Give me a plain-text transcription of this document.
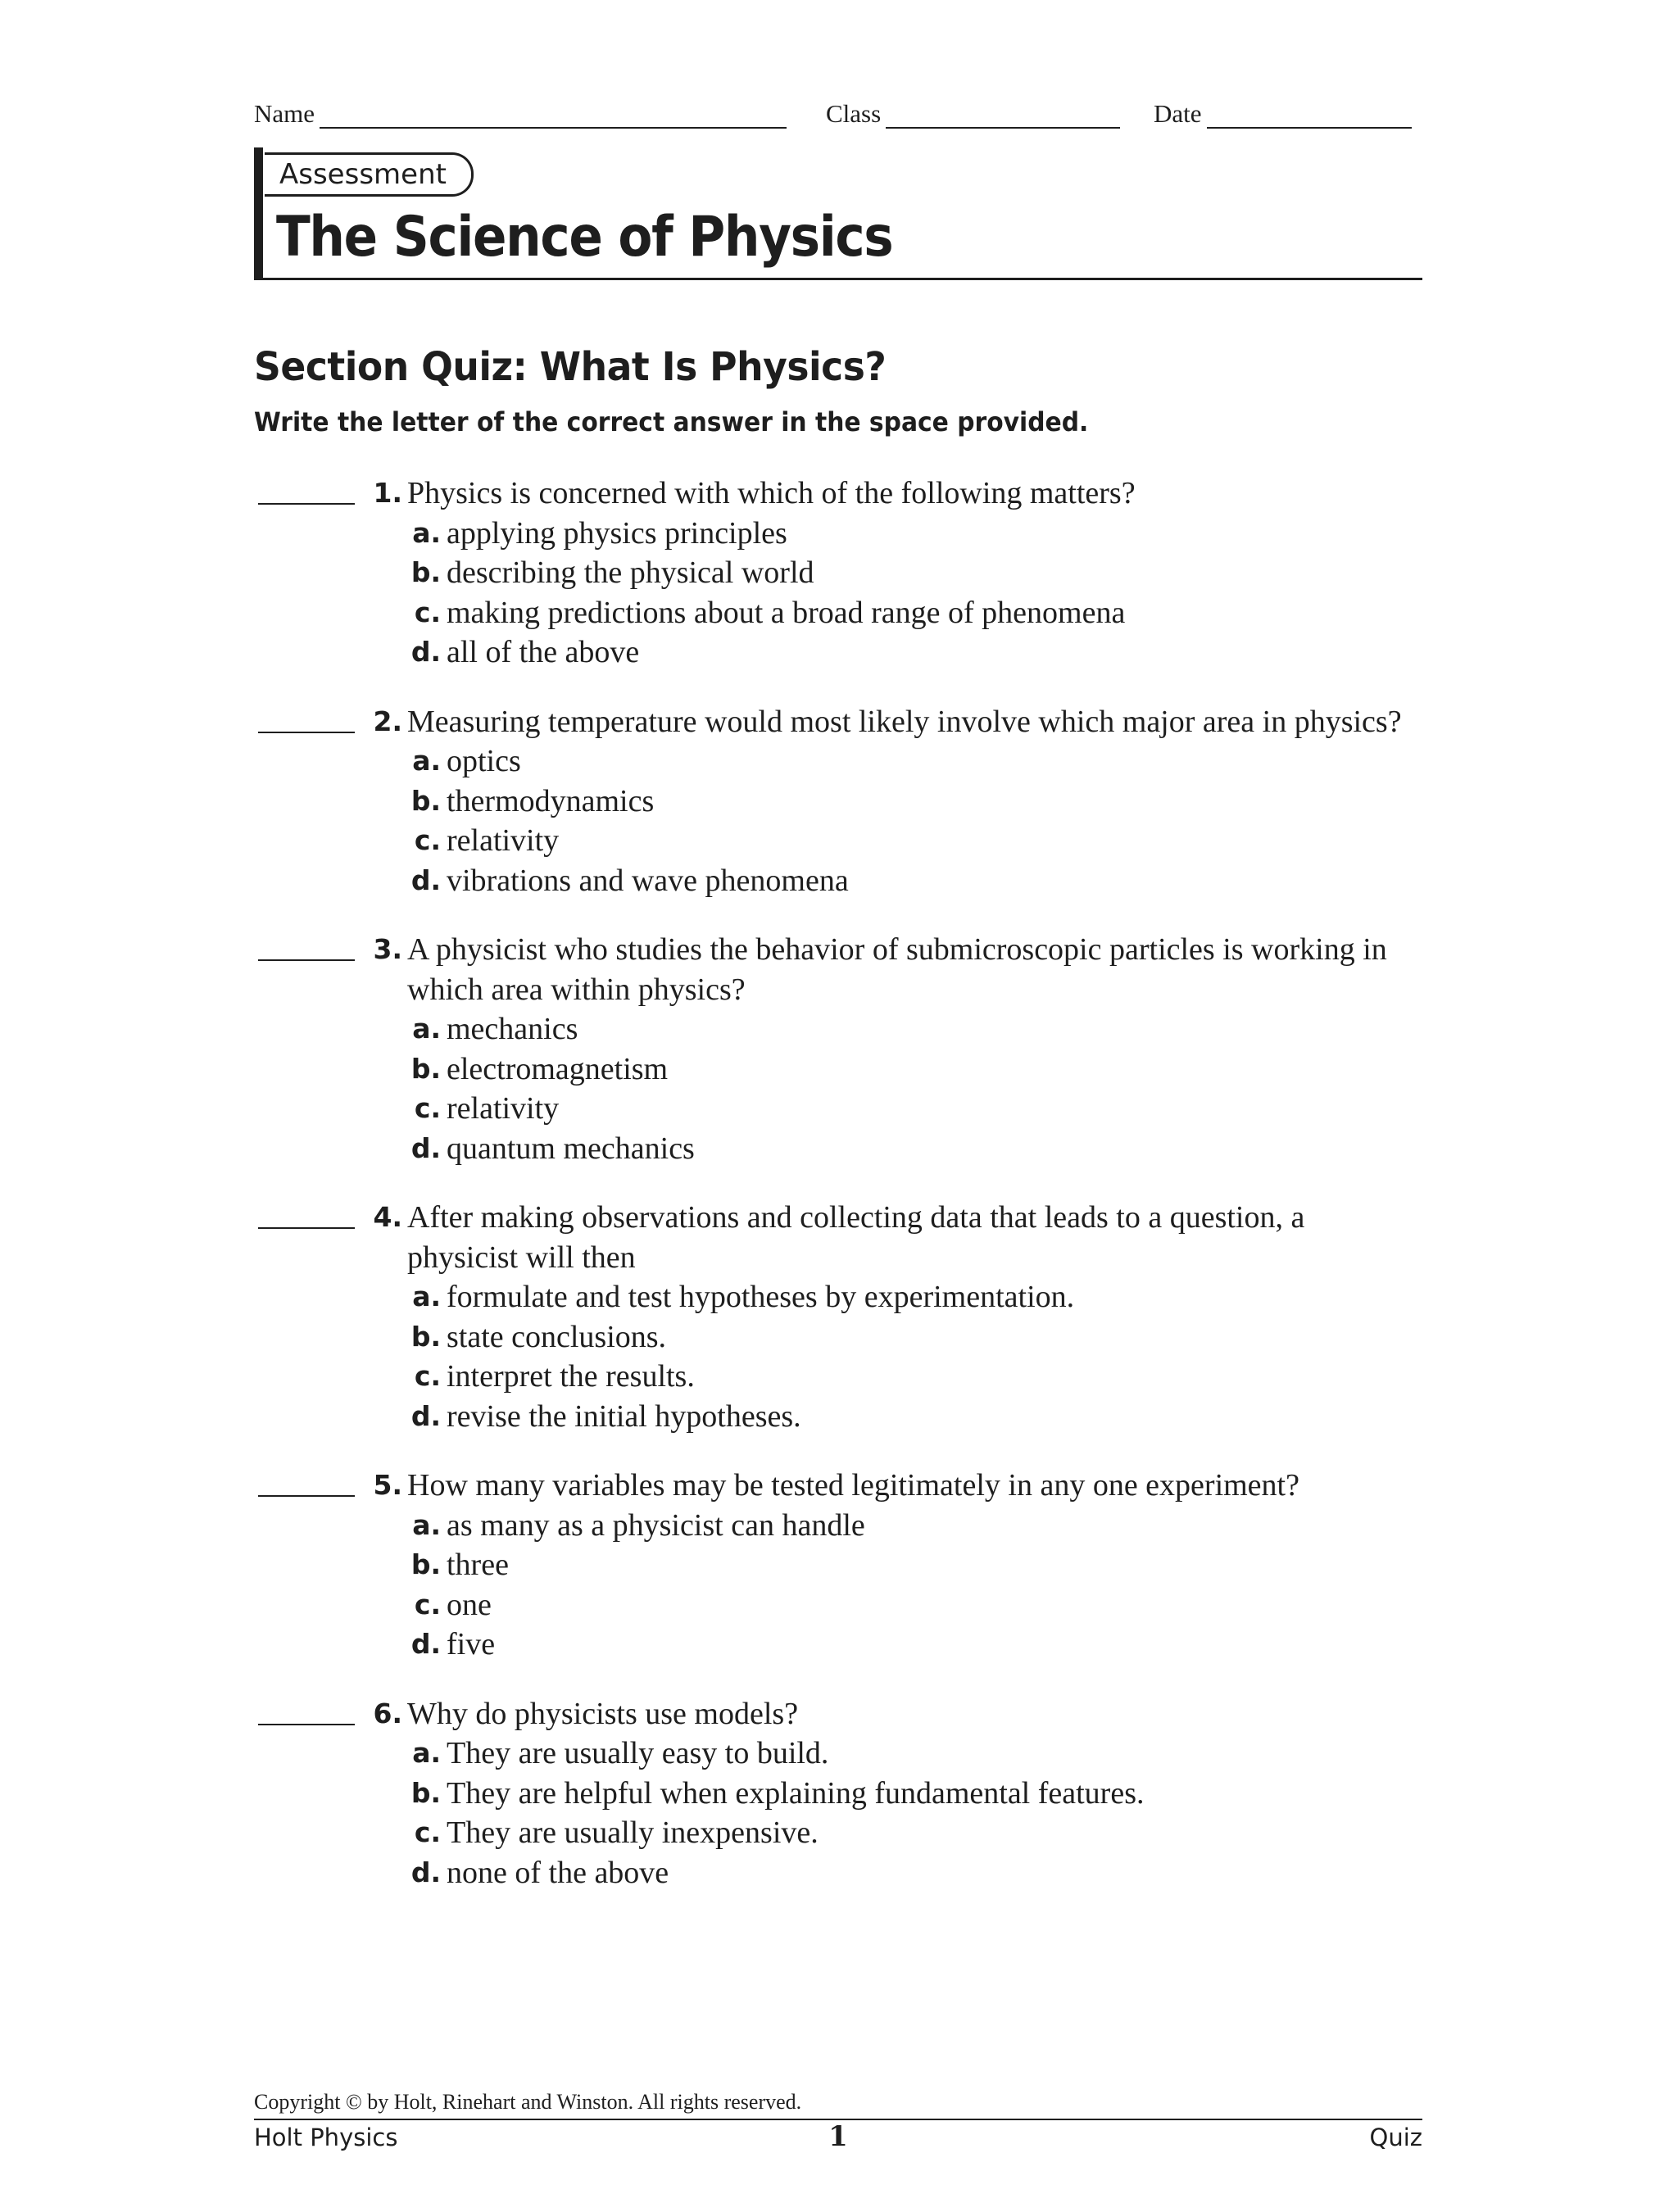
Name	Class	Date
Assessment
The Science of Physics
Section Quiz: What Is Physics?
Write the letter of the correct answer in the space provided.
1. Physics is concerned with which of the following matters?
a. applying physics principles
b. describing the physical world
c. making predictions about a broad range of phenomena
d. all of the above
2. Measuring temperature would most likely involve which major area in physics?
a. optics
b. thermodynamics
c. relativity
d. vibrations and wave phenomena
3. A physicist who studies the behavior of submicroscopic particles is working in which area within physics?
a. mechanics
b. electromagnetism
c. relativity
d. quantum mechanics
4. After making observations and collecting data that leads to a question, a physicist will then
a. formulate and test hypotheses by experimentation.
b. state conclusions.
c. interpret the results.
d. revise the initial hypotheses.
5. How many variables may be tested legitimately in any one experiment?
a. as many as a physicist can handle
b. three
c. one
d. five
6. Why do physicists use models?
a. They are usually easy to build.
b. They are helpful when explaining fundamental features.
c. They are usually inexpensive.
d. none of the above
Copyright © by Holt, Rinehart and Winston. All rights reserved.
Holt Physics	1	Quiz
